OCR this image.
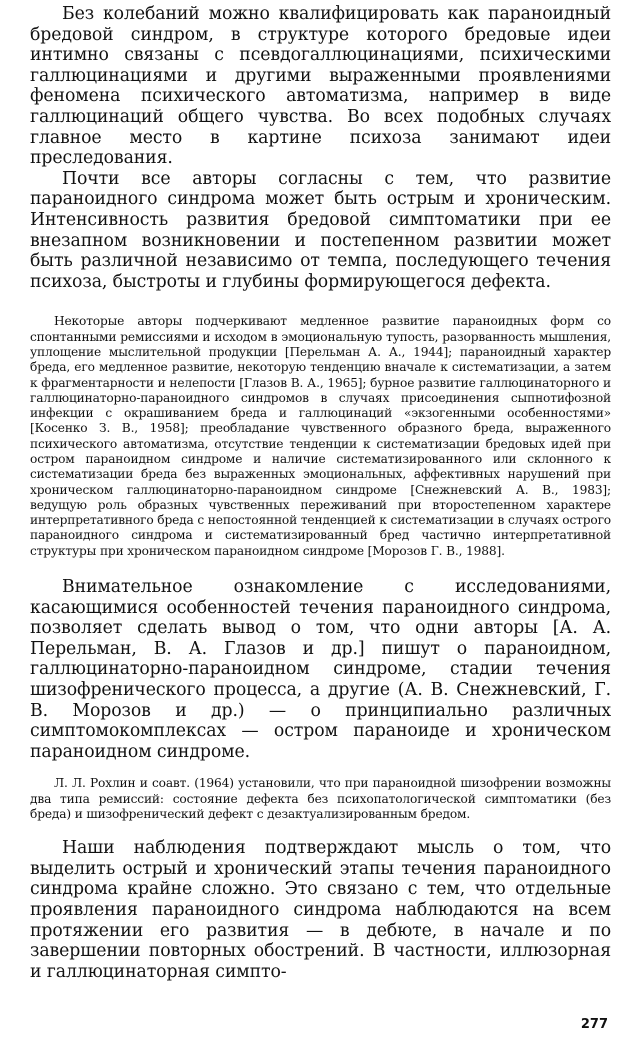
Без колебаний можно квалифицировать как параноидный бредовой синдром, в структуре которого бредовые идеи интимно связаны с псевдогаллюцинациями, психическими галлюцинациями и другими выраженными проявлениями феномена психического автоматизма, например в виде галлюцинаций общего чувства. Во всех подобных случаях главное место в картине психоза занимают идеи преследования.

Почти все авторы согласны с тем, что развитие параноидного синдрома может быть острым и хроническим. Интенсивность развития бредовой симптоматики при ее внезапном возникновении и постепенном развитии может быть различной независимо от темпа, последующего течения психоза, быстроты и глубины формирующегося дефекта.

Некоторые авторы подчеркивают медленное развитие параноидных форм со спонтанными ремиссиями и исходом в эмоциональную тупость, разорванность мышления, уплощение мыслительной продукции [Перельман А. А., 1944]; параноидный характер бреда, его медленное развитие, некоторую тенденцию вначале к систематизации, а затем к фрагментарности и нелепости [Глазов В. А., 1965]; бурное развитие галлюцинаторного и галлюцинаторно-параноидного синдромов в случаях присоединения сыпнотифозной инфекции с окрашиванием бреда и галлюцинаций «экзогенными особенностями» [Косенко З. В., 1958]; преобладание чувственного образного бреда, выраженного психического автоматизма, отсутствие тенденции к систематизации бредовых идей при остром параноидном синдроме и наличие систематизированного или склонного к систематизации бреда без выраженных эмоциональных, аффективных нарушений при хроническом галлюцинаторно-параноидном синдроме [Снежневский А. В., 1983]; ведущую роль образных чувственных переживаний при второстепенном характере интерпретативного бреда с непостоянной тенденцией к систематизации в случаях острого параноидного синдрома и систематизированный бред частично интерпретативной структуры при хроническом параноидном синдроме [Морозов Г. В., 1988].

Внимательное ознакомление с исследованиями, касающимися особенностей течения параноидного синдрома, позволяет сделать вывод о том, что одни авторы [А. А. Перельман, В. А. Глазов и др.] пишут о параноидном, галлюцинаторно-параноидном синдроме, стадии течения шизофренического процесса, а другие (А. В. Снежневский, Г. В. Морозов и др.) — о принципиально различных симптомокомплексах — остром параноиде и хроническом параноидном синдроме.

Л. Л. Рохлин и соавт. (1964) установили, что при параноидной шизофрении возможны два типа ремиссий: состояние дефекта без психопатологической симптоматики (без бреда) и шизофренический дефект с дезактуализированным бредом.

Наши наблюдения подтверждают мысль о том, что выделить острый и хронический этапы течения параноидного синдрома крайне сложно. Это связано с тем, что отдельные проявления параноидного синдрома наблюдаются на всем протяжении его развития — в дебюте, в начале и по завершении повторных обострений. В частности, иллюзорная и галлюцинаторная симпто-

277
